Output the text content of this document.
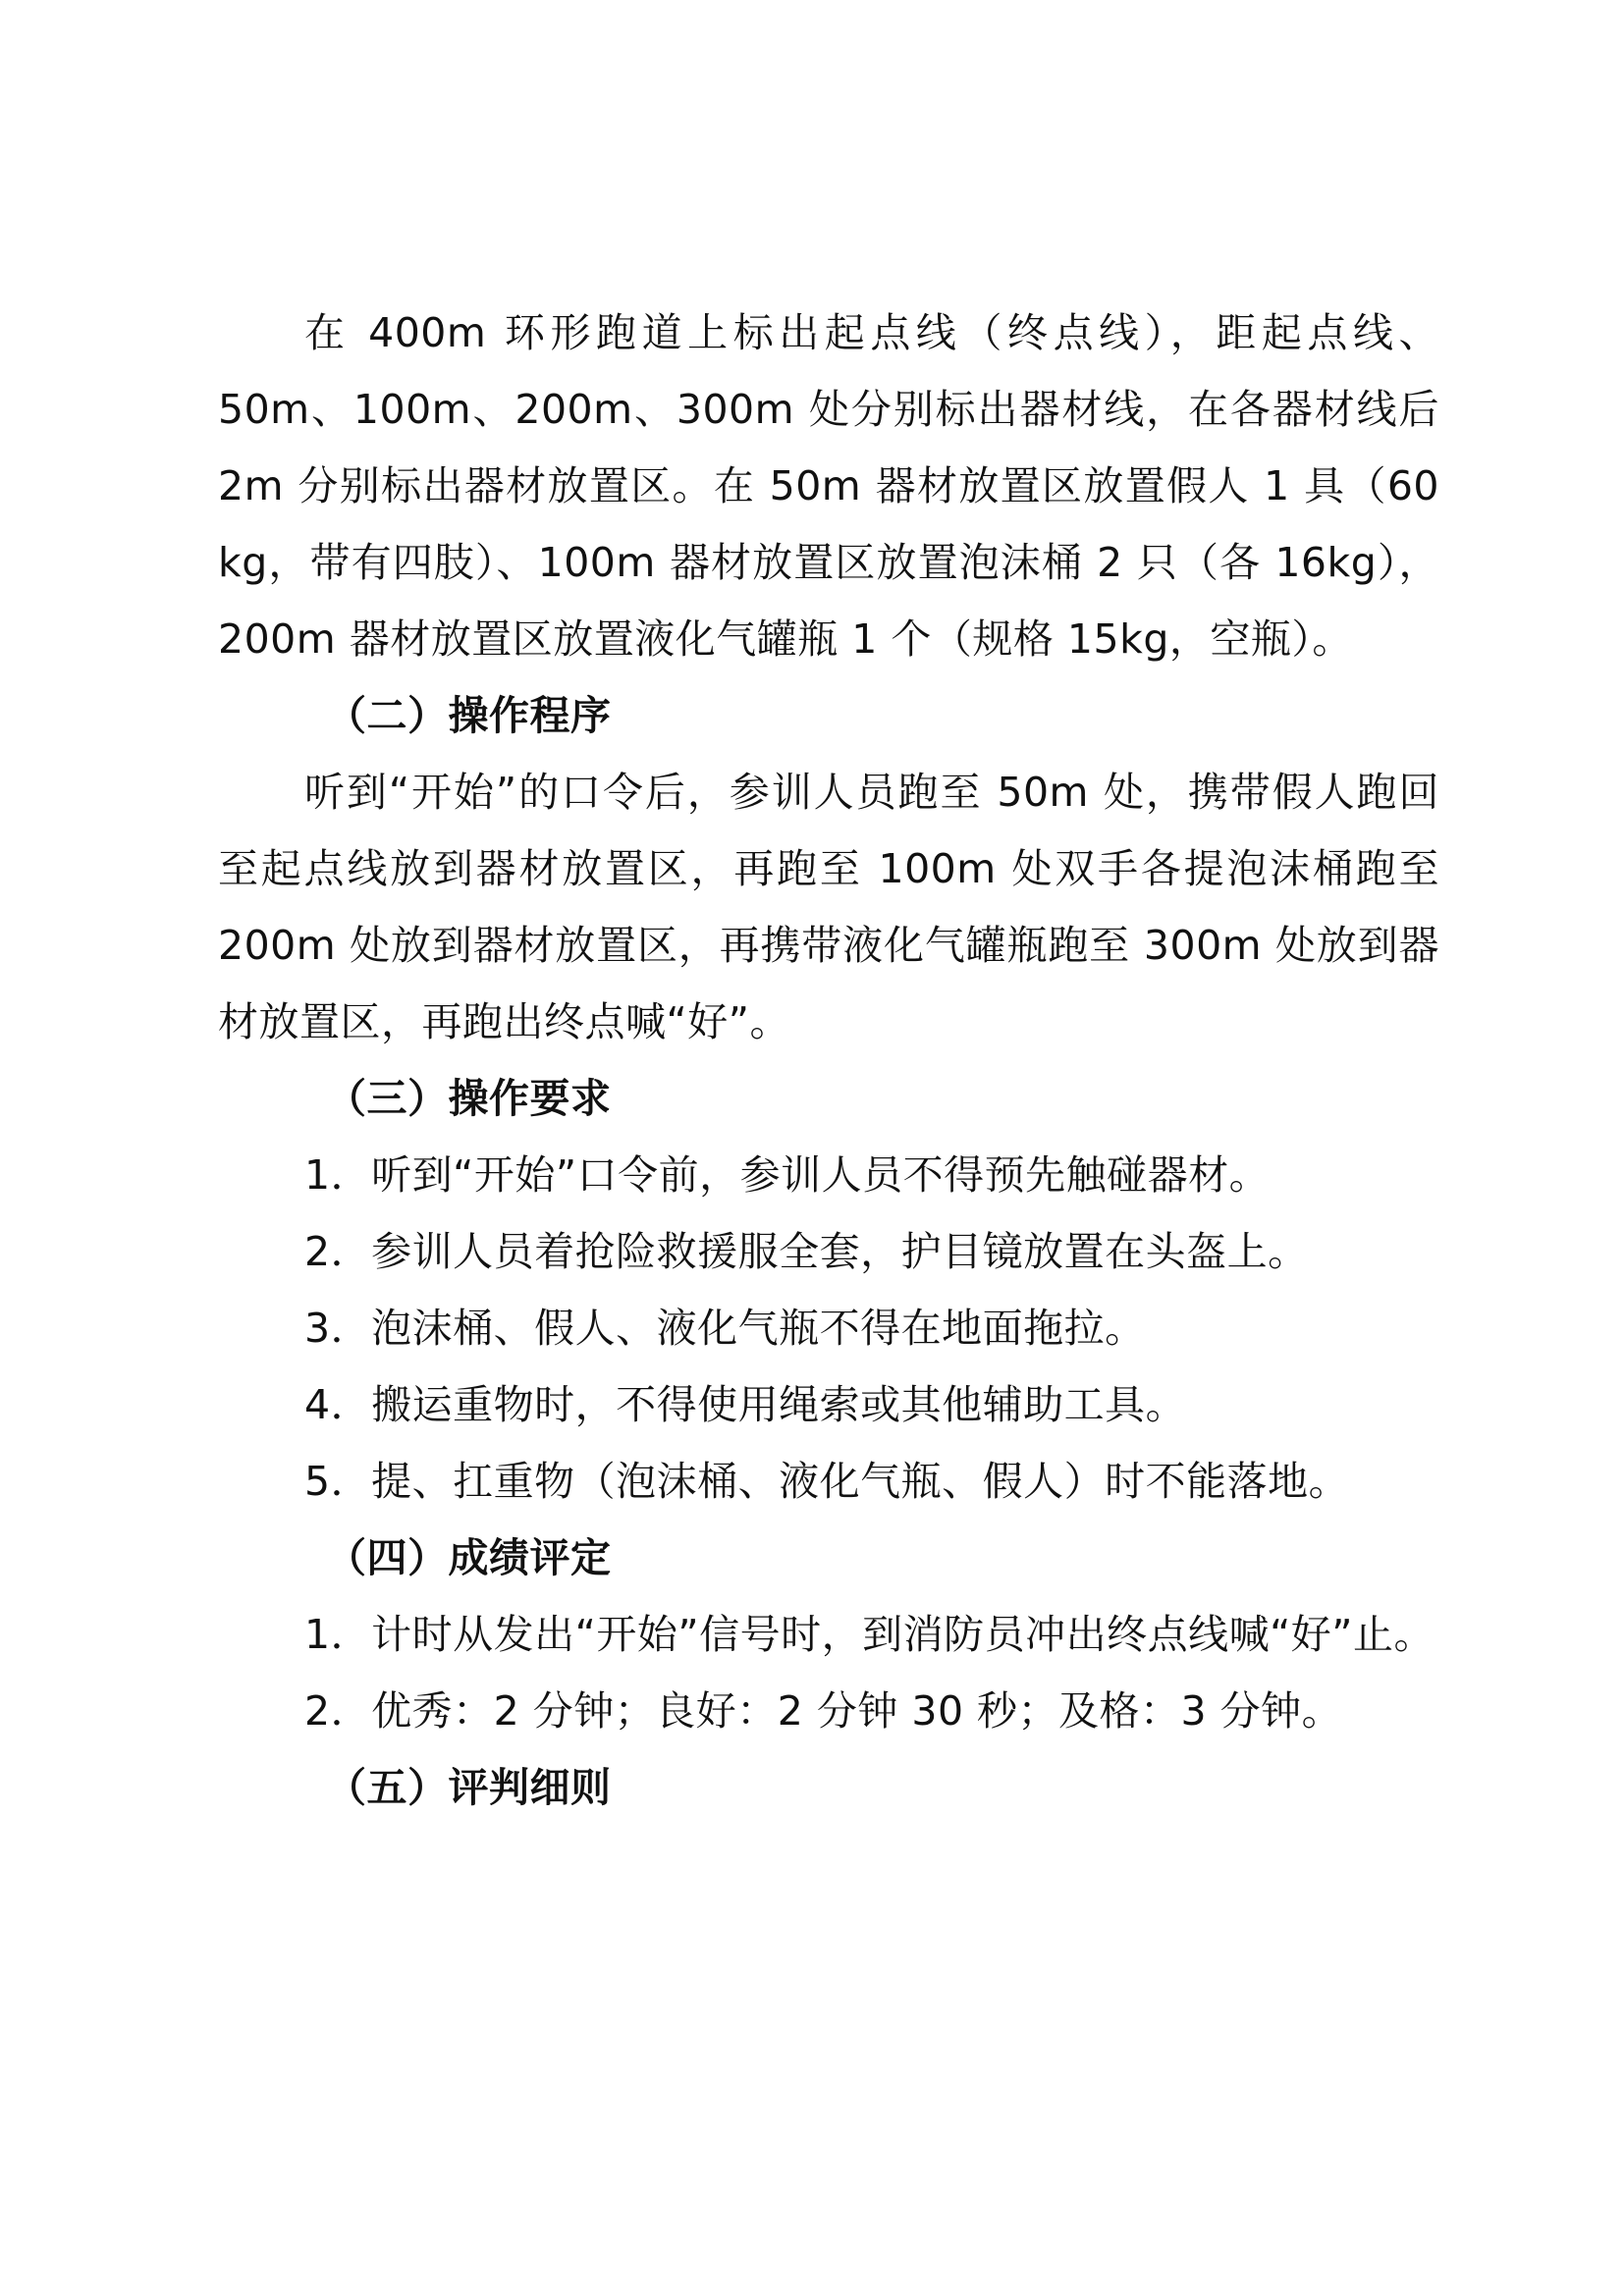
在 400m 环形跑道上标出起点线（终点线），距起点线、50m、100m、200m、300m 处分别标出器材线，在各器材线后 2m 分别标出器材放置区。在 50m 器材放置区放置假人 1 具（60 kg，带有四肢）、100m 器材放置区放置泡沫桶 2 只（各 16kg），200m 器材放置区放置液化气罐瓶 1 个（规格 15kg，空瓶）。

（二）操作程序

听到“开始”的口令后，参训人员跑至 50m 处，携带假人跑回至起点线放到器材放置区，再跑至 100m 处双手各提泡沫桶跑至 200m 处放到器材放置区，再携带液化气罐瓶跑至 300m 处放到器材放置区，再跑出终点喊“好”。

（三）操作要求

1．听到“开始”口令前，参训人员不得预先触碰器材。

2．参训人员着抢险救援服全套，护目镜放置在头盔上。

3．泡沫桶、假人、液化气瓶不得在地面拖拉。

4．搬运重物时，不得使用绳索或其他辅助工具。

5．提、扛重物（泡沫桶、液化气瓶、假人）时不能落地。

（四）成绩评定

1．计时从发出“开始”信号时，到消防员冲出终点线喊“好”止。

2．优秀：2 分钟；良好：2 分钟 30 秒；及格：3 分钟。

（五）评判细则
